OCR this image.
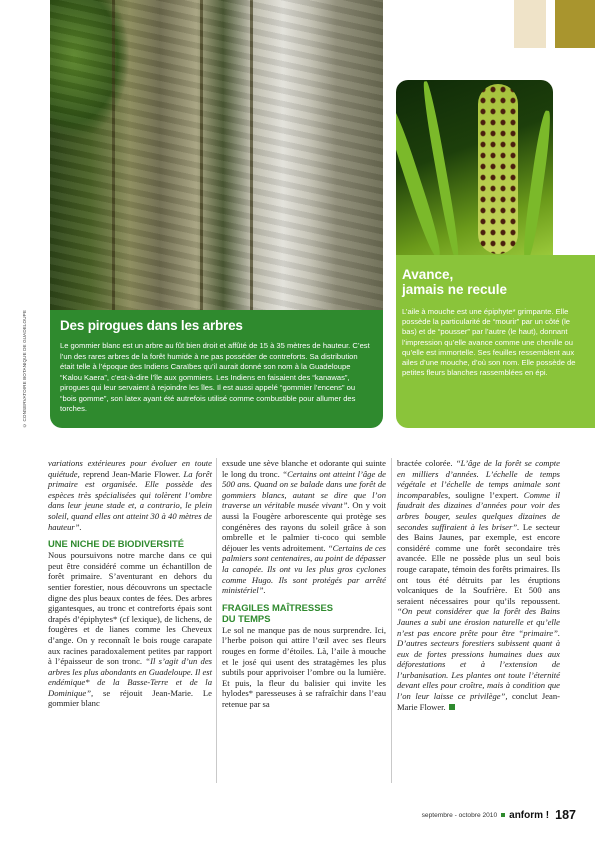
© CONSERVATOIRE BOTANIQUE DE GUADELOUPE	Des pirogues dans les arbres

Le gommier blanc est un arbre au fût bien droit et affûté de 15 à 35 mètres de hauteur. C’est l’un des rares arbres de la forêt humide à ne pas posséder de contreforts. Sa distribution était telle à l’époque des Indiens Caraïbes qu’il aurait donné son nom à la Guadeloupe “Kalou Kaera”, c’est-à-dire l’île aux gommiers. Les Indiens en faisaient des “kanawas”, pirogues qui leur servaient à rejoindre les îles. Il est aussi appelé “gommier l’encens” ou “bois gomme”, son latex ayant été autrefois utilisé comme combustible pour allumer des torches.

Avance,
jamais ne recule

L’aile à mouche est une épiphyte* grimpante. Elle possède la particularité de “mourir” par un côté (le bas) et de “pousser” par l’autre (le haut), donnant l’impression qu’elle avance comme une chenille ou qu’elle est immortelle. Ses feuilles ressemblent aux ailes d’une mouche, d’où son nom. Elle possède de petites fleurs blanches rassemblées en épi.

variations extérieures pour évoluer en toute quiétude, reprend Jean-Marie Flower. La forêt primaire est organisée. Elle possède des espèces très spécialisées qui tolèrent l’ombre dans leur jeune stade et, a contrario, le plein soleil, quand elles ont atteint 30 à 40 mètres de hauteur”.

UNE NICHE DE BIODIVERSITÉ

Nous poursuivons notre marche dans ce qui peut être considéré comme un échantillon de forêt primaire. S’aventurant en dehors du sentier forestier, nous découvrons un spectacle digne des plus beaux contes de fées. Des arbres gigantesques, au tronc et contreforts épais sont drapés d’épiphytes* (cf lexique), de lichens, de fougères et de lianes comme les Cheveux d’ange. On y reconnaît le bois rouge carapate aux racines paradoxalement petites par rapport à l’épaisseur de son tronc. “Il s’agit d’un des arbres les plus abondants en Guadeloupe. Il est endémique* de la Basse-Terre et de la Dominique”, se réjouit Jean-Marie. Le gommier blanc

exsude une sève blanche et odorante qui suinte le long du tronc. “Certains ont atteint l’âge de 500 ans. Quand on se balade dans une forêt de gommiers blancs, autant se dire que l’on traverse un véritable musée vivant”. On y voit aussi la Fougère arborescente qui protège ses congénères des rayons du soleil grâce à son ombrelle et le palmier ti-coco qui semble déjouer les vents adroitement. “Certains de ces palmiers sont centenaires, au point de dépasser la canopée. Ils ont vu les plus gros cyclones comme Hugo. Ils sont protégés par arrêté ministériel”.

FRAGILES MAÎTRESSES
DU TEMPS

Le sol ne manque pas de nous surprendre. Ici, l’herbe poison qui attire l’œil avec ses fleurs rouges en forme d’étoiles. Là, l’aile à mouche et le josé qui usent des stratagèmes les plus subtils pour apprivoiser l’ombre ou la lumière. Et puis, la fleur du balisier qui invite les hylodes* paresseuses à se rafraîchir dans l’eau retenue par sa

bractée colorée. “L’âge de la forêt se compte en milliers d’années. L’échelle de temps végétale et l’échelle de temps animale sont incomparables, souligne l’expert. Comme il faudrait des dizaines d’années pour voir des arbres bouger, seules quelques dizaines de secondes suffiraient à les briser”. Le secteur des Bains Jaunes, par exemple, est encore considéré comme une forêt secondaire très avancée. Elle ne possède plus un seul bois rouge carapate, témoin des forêts primaires. Ils ont tous été détruits par les éruptions volcaniques de la Soufrière. Et 500 ans seraient nécessaires pour qu’ils repoussent. “On peut considérer que la forêt des Bains Jaunes a subi une érosion naturelle et qu’elle n’est pas encore prête pour être “primaire”. D’autres secteurs forestiers subissent quant à eux de fortes pressions humaines dues aux déforestations et à l’extension de l’urbanisation. Les plantes ont toute l’éternité devant elles pour croître, mais à condition que l’on leur laisse ce privilège”, conclut Jean-Marie Flower.

septembre - octobre 2010 anform ! 187
